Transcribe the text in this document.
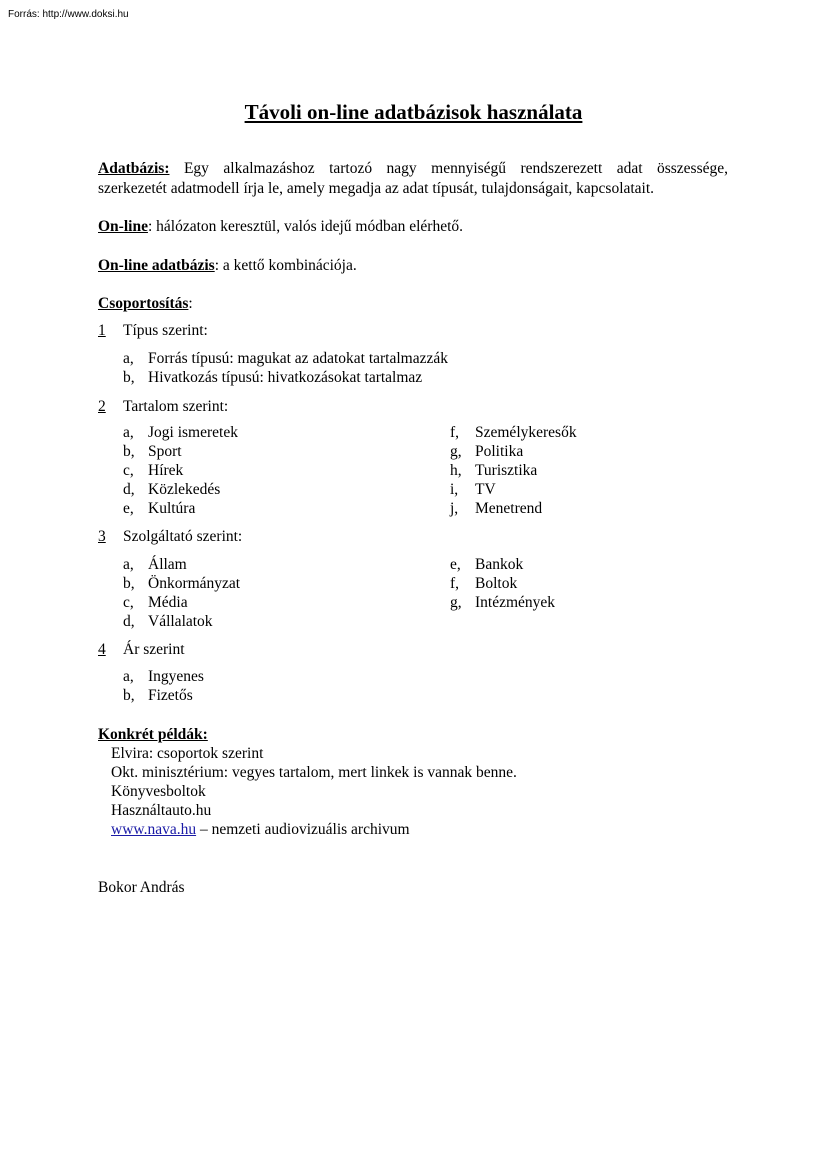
Forrás: http://www.doksi.hu
Távoli on-line adatbázisok használata
Adatbázis: Egy alkalmazáshoz tartozó nagy mennyiségű rendszerezett adat összessége,
szerkezetét adatmodell írja le, amely megadja az adat típusát, tulajdonságait, kapcsolatait.
On-line: hálózaton keresztül, valós idejű módban elérhető.
On-line adatbázis: a kettő kombinációja.
Csoportosítás:
1 Típus szerint:
a, Forrás típusú: magukat az adatokat tartalmazzák
b, Hivatkozás típusú: hivatkozásokat tartalmaz
2 Tartalom szerint:
a, Jogi ismeretek
b, Sport
c, Hírek
d, Közlekedés
e, Kultúra
f, Személykeresők
g, Politika
h, Turisztika
i, TV
j, Menetrend
3 Szolgáltató szerint:
a, Állam
b, Önkormányzat
c, Média
d, Vállalatok
e, Bankok
f, Boltok
g, Intézmények
4 Ár szerint
a, Ingyenes
b, Fizetős
Konkrét példák:
Elvira: csoportok szerint
Okt. minisztérium: vegyes tartalom, mert linkek is vannak benne.
Könyvesboltok
Használtauto.hu
www.nava.hu – nemzeti audiovizuális archivum
Bokor András
